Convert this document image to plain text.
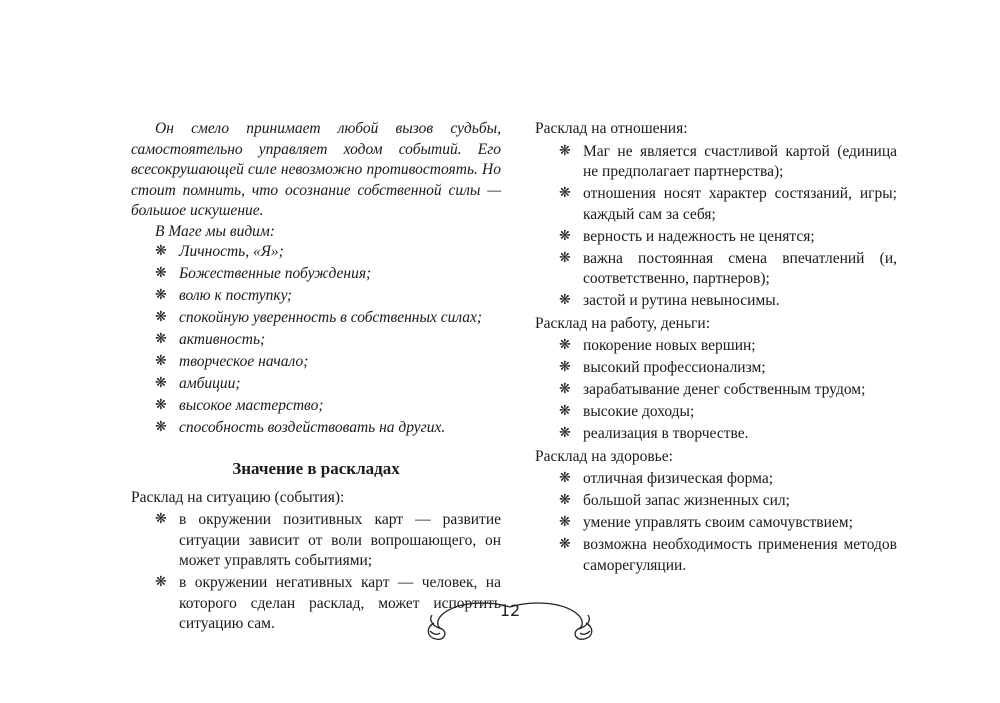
Он смело принимает любой вызов судьбы, самостоятельно управляет ходом событий. Его всесокрушающей силе невозможно противостоять. Но стоит помнить, что осознание собственной силы — большое искушение.

В Маге мы видим:

❋ Личность, «Я»;
❋ Божественные побуждения;
❋ волю к поступку;
❋ спокойную уверенность в собственных силах;
❋ активность;
❋ творческое начало;
❋ амбиции;
❋ высокое мастерство;
❋ способность воздействовать на других.
Значение в раскладах

Расклад на ситуацию (события):

❋ в окружении позитивных карт — развитие ситуации зависит от воли вопрошающего, он может управлять событиями;
❋ в окружении негативных карт — человек, на которого сделан расклад, может испортить ситуацию сам.

Расклад на отношения:

❋ Маг не является счастливой картой (единица не предполагает партнерства);
❋ отношения носят характер состязаний, игры; каждый сам за себя;
❋ верность и надежность не ценятся;
❋ важна постоянная смена впечатлений (и, соответственно, партнеров);
❋ застой и рутина невыносимы.

Расклад на работу, деньги:

❋ покорение новых вершин;
❋ высокий профессионализм;
❋ зарабатывание денег собственным трудом;
❋ высокие доходы;
❋ реализация в творчестве.

Расклад на здоровье:

❋ отличная физическая форма;
❋ большой запас жизненных сил;
❋ умение управлять своим самочувствием;
❋ возможна необходимость применения методов саморегуляции.
12
